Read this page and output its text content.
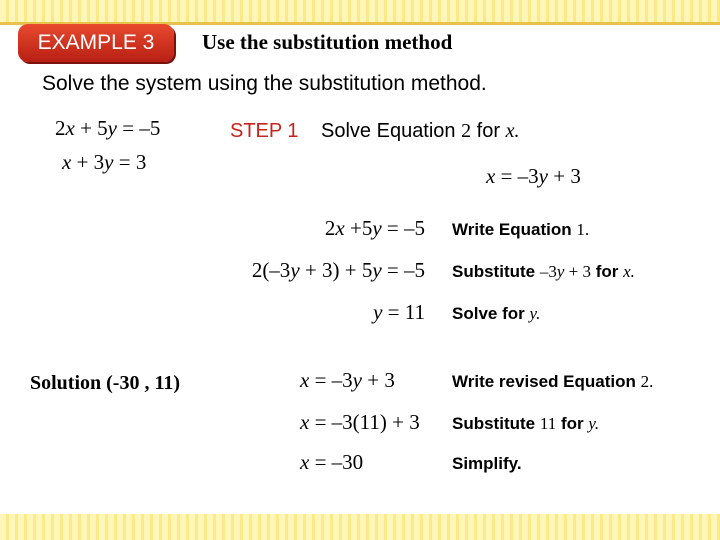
EXAMPLE 3	Use the substitution method
Solve the system using the substitution method.
2x + 5y = –5
x + 3y = 3
STEP 1 Solve Equation 2 for x.
x = –3y + 3
2x +5y = –5 Write Equation 1.
2(–3y + 3) + 5y = –5 Substitute –3y + 3 for x.
y = 11 Solve for y.
x = –3y + 3	Write revised Equation 2.
x = –3(11) + 3 Substitute 11 for y.
x = –30	Simplify.
Solution (-30 , 11)
